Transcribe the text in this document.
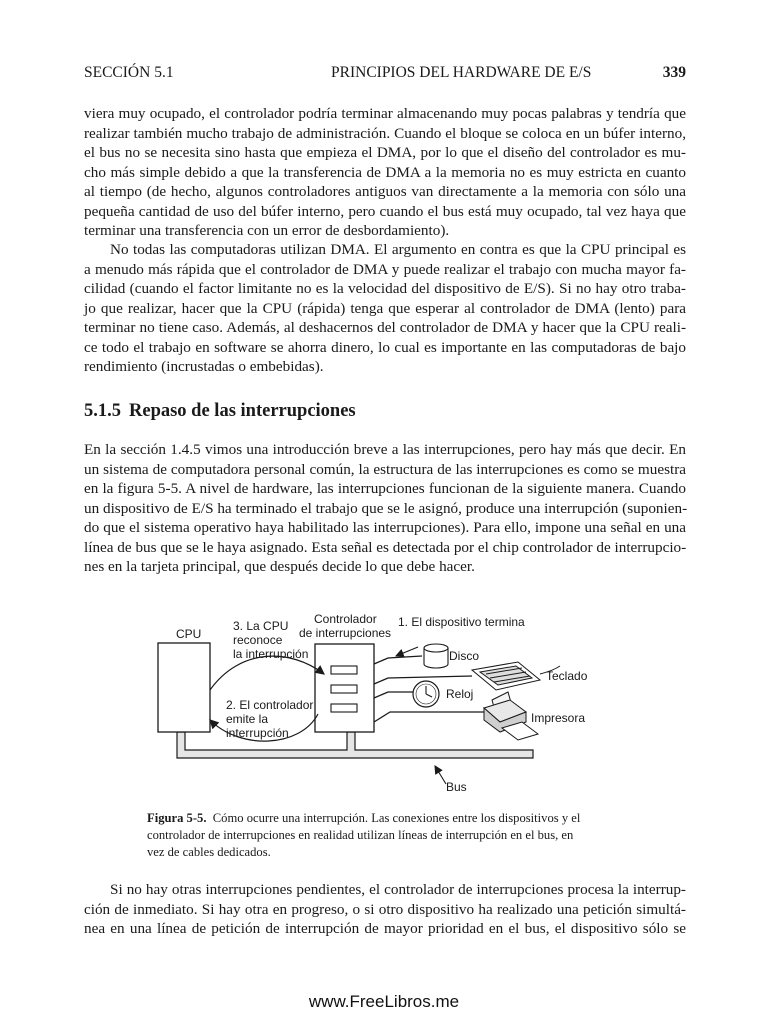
SECCIÓN 5.1	PRINCIPIOS DEL HARDWARE DE E/S	339

viera muy ocupado, el controlador podría terminar almacenando muy pocas palabras y tendría que
realizar también mucho trabajo de administración. Cuando el bloque se coloca en un búfer interno,
el bus no se necesita sino hasta que empieza el DMA, por lo que el diseño del controlador es mu-
cho más simple debido a que la transferencia de DMA a la memoria no es muy estricta en cuanto
al tiempo (de hecho, algunos controladores antiguos van directamente a la memoria con sólo una
pequeña cantidad de uso del búfer interno, pero cuando el bus está muy ocupado, tal vez haya que
terminar una transferencia con un error de desbordamiento).

No todas las computadoras utilizan DMA. El argumento en contra es que la CPU principal es
a menudo más rápida que el controlador de DMA y puede realizar el trabajo con mucha mayor fa-
cilidad (cuando el factor limitante no es la velocidad del dispositivo de E/S). Si no hay otro traba-
jo que realizar, hacer que la CPU (rápida) tenga que esperar al controlador de DMA (lento) para
terminar no tiene caso. Además, al deshacernos del controlador de DMA y hacer que la CPU reali-
ce todo el trabajo en software se ahorra dinero, lo cual es importante en las computadoras de bajo
rendimiento (incrustadas o embebidas).

5.1.5 Repaso de las interrupciones

En la sección 1.4.5 vimos una introducción breve a las interrupciones, pero hay más que decir. En
un sistema de computadora personal común, la estructura de las interrupciones es como se muestra
en la figura 5-5. A nivel de hardware, las interrupciones funcionan de la siguiente manera. Cuando
un dispositivo de E/S ha terminado el trabajo que se le asignó, produce una interrupción (suponien-
do que el sistema operativo haya habilitado las interrupciones). Para ello, impone una señal en una
línea de bus que se le haya asignado. Esta señal es detectada por el chip controlador de interrupcio-
nes en la tarjeta principal, que después decide lo que debe hacer.

CPU
3. La CPU
reconoce
la interrupción
Controlador
de interrupciones
1. El dispositivo termina
Disco
Teclado
Reloj
Impresora
2. El controlador
emite la
interrupción
Bus
Figura 5-5. Cómo ocurre una interrupción. Las conexiones entre los dispositivos y el
controlador de interrupciones en realidad utilizan líneas de interrupción en el bus, en
vez de cables dedicados.

Si no hay otras interrupciones pendientes, el controlador de interrupciones procesa la interrup-
ción de inmediato. Si hay otra en progreso, o si otro dispositivo ha realizado una petición simultá-
nea en una línea de petición de interrupción de mayor prioridad en el bus, el dispositivo sólo se

www.FreeLibros.me
